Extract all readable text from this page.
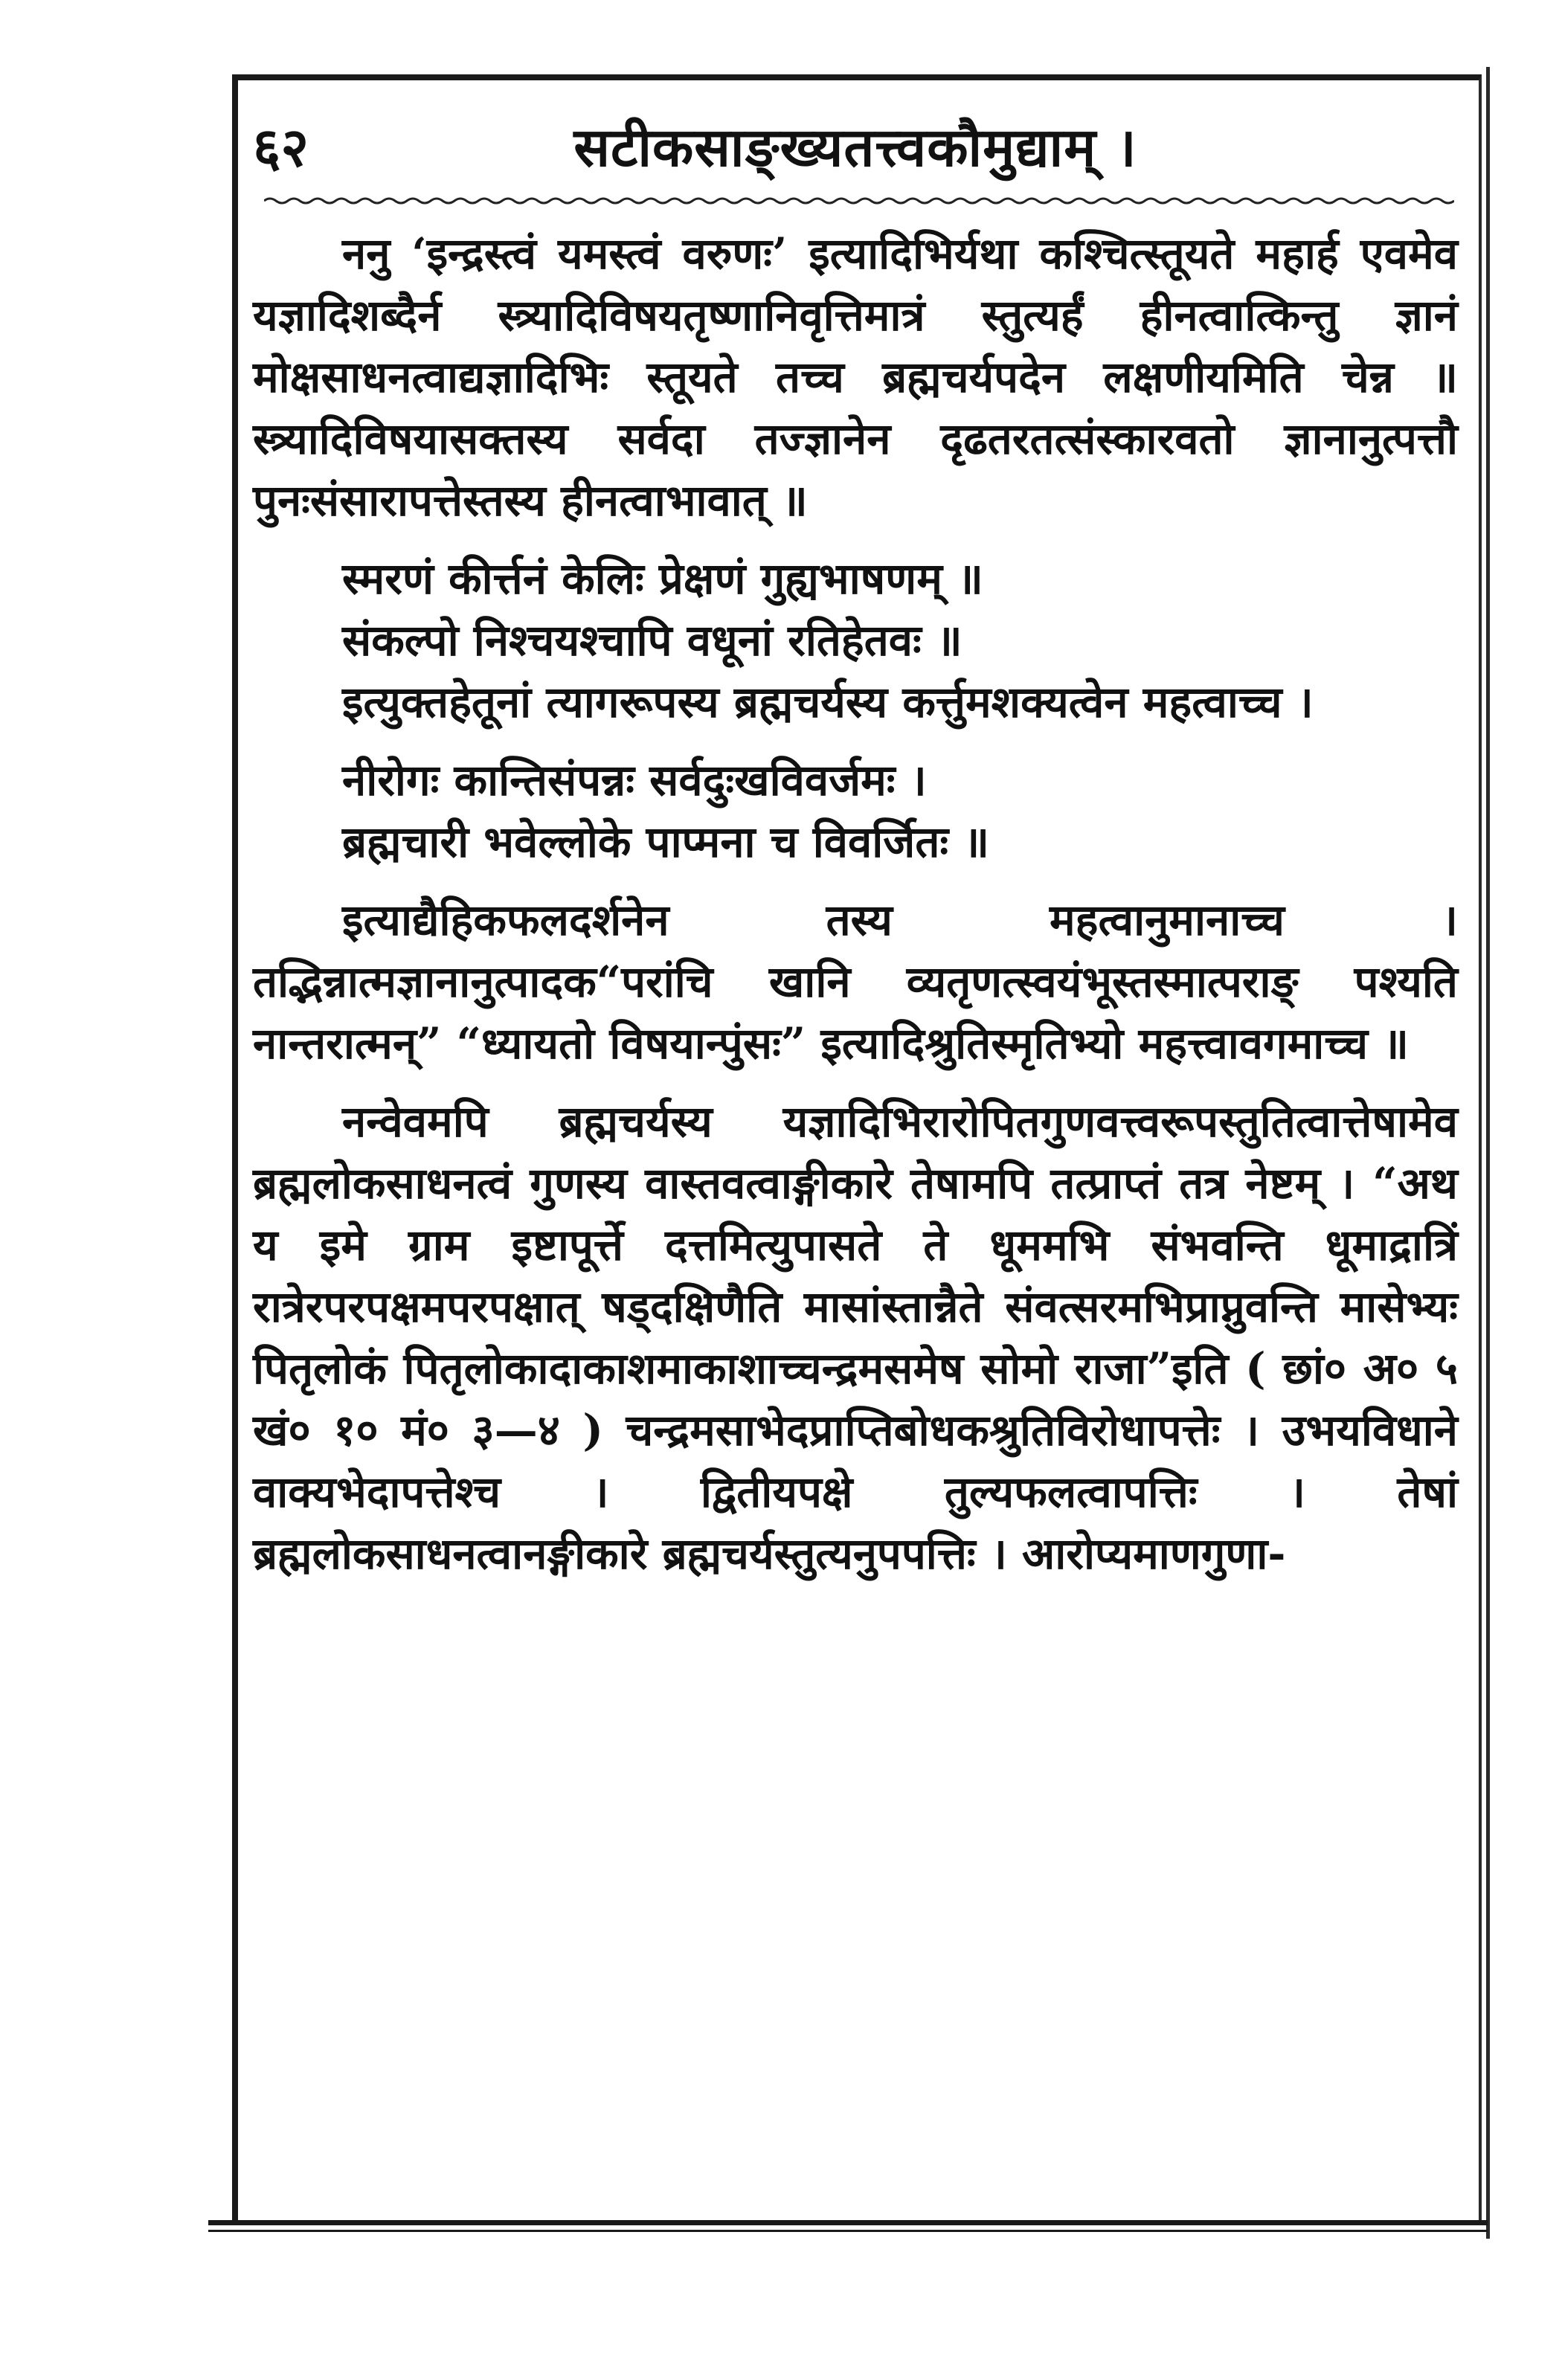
६२	सटीकसाङ्ख्यतत्त्वकौमुद्याम् ।

ननु ‘इन्द्रस्त्वं यमस्त्वं वरुणः’ इत्यादिभिर्यथा कश्चित्स्तूयते महार्ह एवमेव यज्ञादिशब्दैर्न स्त्र्यादिविषयतृष्णानिवृत्तिमात्रं स्तुत्यर्हं हीनत्वात्किन्तु ज्ञानं मोक्षसाधनत्वाद्यज्ञादिभिः स्तूयते तच्च ब्रह्मचर्यपदेन लक्षणीयमिति चेन्न ॥ स्त्र्यादिविषयासक्तस्य सर्वदा तज्ज्ञानेन दृढतरतत्संस्कारवतो ज्ञानानुत्पत्तौ पुनःसंसारापत्तेस्तस्य हीनत्वाभावात् ॥

स्मरणं कीर्त्तनं केलिः प्रेक्षणं गुह्यभाषणम् ॥

संकल्पो निश्चयश्चापि वधूनां रतिहेतवः ॥

इत्युक्तहेतूनां त्यागरूपस्य ब्रह्मचर्यस्य कर्त्तुमशक्यत्वेन महत्वाच्च ।

नीरोगः कान्तिसंपन्नः सर्वदुःखविवर्जमः ।

ब्रह्मचारी भवेल्लोके पाप्मना च विवर्जितः ॥

इत्याद्यैहिकफलदर्शनेन तस्य महत्वानुमानाच्च । तद्भिन्नात्मज्ञानानुत्पादक“परांचि खानि व्यतृणत्स्वयंभूस्तस्मात्पराङ् पश्यति नान्तरात्मन्” “ध्यायतो विषयान्पुंसः” इत्यादिश्रुतिस्मृतिभ्यो महत्त्वावगमाच्च ॥

नन्वेवमपि ब्रह्मचर्यस्य यज्ञादिभिरारोपितगुणवत्त्वरूपस्तुतित्वात्तेषामेव ब्रह्मलोकसाधनत्वं गुणस्य वास्तवत्वाङ्गीकारे तेषामपि तत्प्राप्तं तत्र नेष्टम् । “अथ य इमे ग्राम इष्टापूर्त्ते दत्तमित्युपासते ते धूममभि संभवन्ति धूमाद्रात्रिं रात्रेरपरपक्षमपरपक्षात् षड्दक्षिणैति मासांस्तान्नैते संवत्सरमभिप्राप्नुवन्ति मासेभ्यः पितृलोकं पितृलोकादाकाशमाकाशाच्चन्द्रमसमेष सोमो राजा”इति ( छां० अ० ५ खं० १० मं० ३—४ ) चन्द्रमसाभेदप्राप्तिबोधकश्रुतिविरोधापत्तेः । उभयविधाने वाक्यभेदापत्तेश्च । द्वितीयपक्षे तुल्यफलत्वापत्तिः । तेषां ब्रह्मलोकसाधनत्वानङ्गीकारे ब्रह्मचर्यस्तुत्यनुपपत्तिः । आरोप्यमाणगुणा-
